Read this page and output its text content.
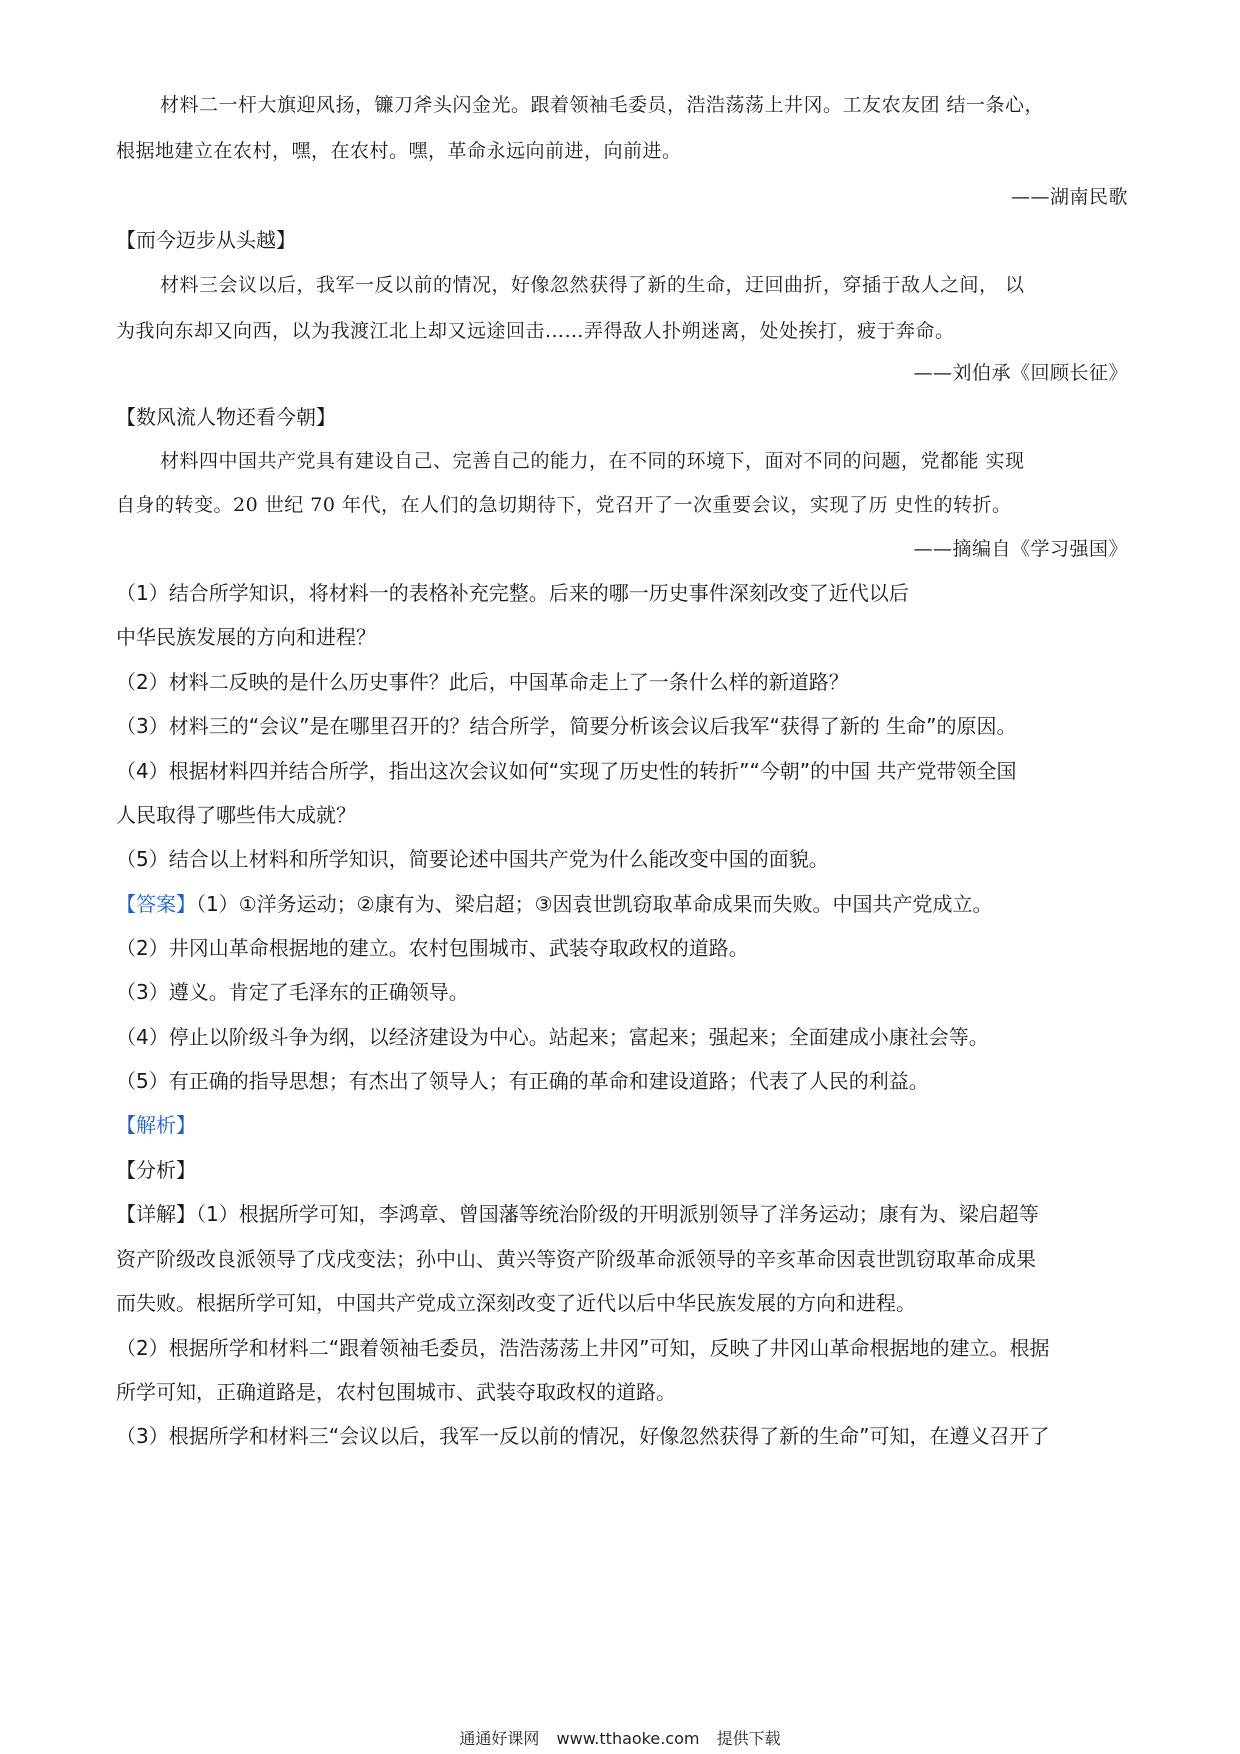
材料二一杆大旗迎风扬，镰刀斧头闪金光。跟着领袖毛委员，浩浩荡荡上井冈。工友农友团 结一条心，
根据地建立在农村，嘿，在农村。嘿，革命永远向前进，向前进。
——湖南民歌
【而今迈步从头越】
材料三会议以后，我军一反以前的情况，好像忽然获得了新的生命，迂回曲折，穿插于敌人之间， 以
为我向东却又向西，以为我渡江北上却又远途回击……弄得敌人扑朔迷离，处处挨打，疲于奔命。
——刘伯承《回顾长征》
【数风流人物还看今朝】
材料四中国共产党具有建设自己、完善自己的能力，在不同的环境下，面对不同的问题，党都能 实现
自身的转变。20 世纪 70 年代，在人们的急切期待下，党召开了一次重要会议，实现了历 史性的转折。
——摘编自《学习强国》
（1）结合所学知识，将材料一的表格补充完整。后来的哪一历史事件深刻改变了近代以后
中华民族发展的方向和进程？
（2）材料二反映的是什么历史事件？此后，中国革命走上了一条什么样的新道路？
（3）材料三的“会议”是在哪里召开的？结合所学，简要分析该会议后我军“获得了新的 生命”的原因。
（4）根据材料四并结合所学，指出这次会议如何“实现了历史性的转折”“今朝”的中国 共产党带领全国
人民取得了哪些伟大成就？
（5）结合以上材料和所学知识，简要论述中国共产党为什么能改变中国的面貌。
【答案】（1）①洋务运动；②康有为、梁启超；③因袁世凯窃取革命成果而失败。中国共产党成立。
（2）井冈山革命根据地的建立。农村包围城市、武装夺取政权的道路。
（3）遵义。肯定了毛泽东的正确领导。
（4）停止以阶级斗争为纲，以经济建设为中心。站起来；富起来；强起来；全面建成小康社会等。
（5）有正确的指导思想；有杰出了领导人；有正确的革命和建设道路；代表了人民的利益。
【解析】
【分析】
【详解】（1）根据所学可知，李鸿章、曾国藩等统治阶级的开明派别领导了洋务运动；康有为、梁启超等
资产阶级改良派领导了戊戌变法；孙中山、黄兴等资产阶级革命派领导的辛亥革命因袁世凯窃取革命成果
而失败。根据所学可知，中国共产党成立深刻改变了近代以后中华民族发展的方向和进程。
（2）根据所学和材料二“跟着领袖毛委员，浩浩荡荡上井冈”可知，反映了井冈山革命根据地的建立。根据
所学可知，正确道路是，农村包围城市、武装夺取政权的道路。
（3）根据所学和材料三“会议以后，我军一反以前的情况，好像忽然获得了新的生命”可知，在遵义召开了
通通好课网 www.tthaoke.com 提供下载
